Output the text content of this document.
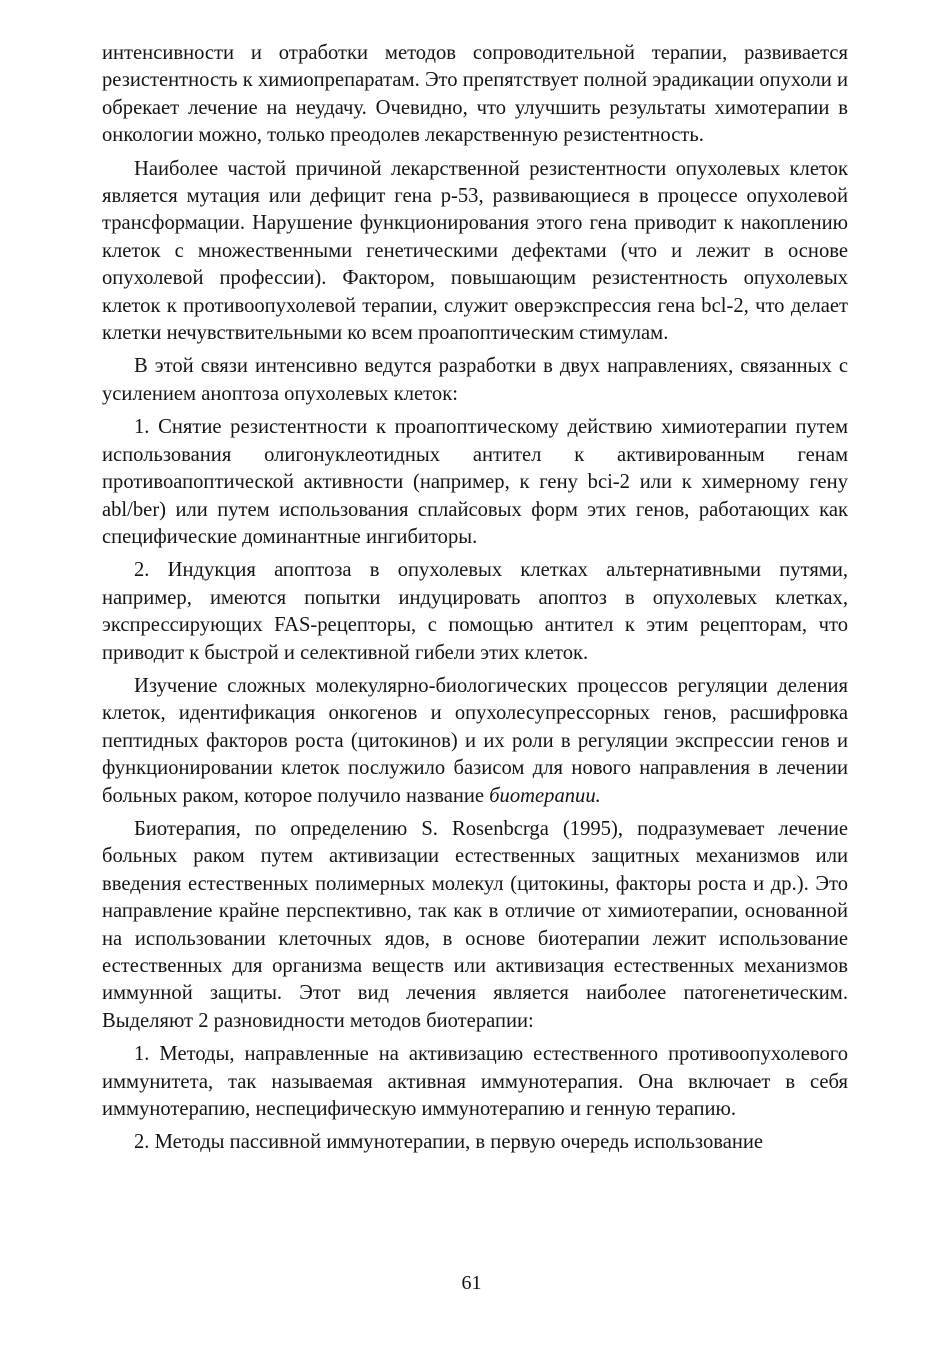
интенсивности и отработки методов сопроводительной терапии, развивается резистентность к химиопрепаратам. Это препятствует полной эрадикации опухоли и обрекает лечение на неудачу. Очевидно, что улучшить результаты химотерапии в онкологии можно, только преодолев лекарственную резистентность.

Наиболее частой причиной лекарственной резистентности опухолевых клеток является мутация или дефицит гена р-53, развивающиеся в процессе опухолевой трансформации. Нарушение функционирования этого гена приводит к накоплению клеток с множественными генетическими дефектами (что и лежит в основе опухолевой профессии). Фактором, повышающим резистентность опухолевых клеток к противоопухолевой терапии, служит оверэкспрессия гена bcl-2, что делает клетки нечувствительными ко всем проапоптическим стимулам.

В этой связи интенсивно ведутся разработки в двух направлениях, связанных с усилением аноптоза опухолевых клеток:

1. Снятие резистентности к проапоптическому действию химиотерапии путем использования олигонуклеотидных антител к активированным генам противоапоптической активности (например, к гену bci-2 или к химерному гену abl/ber) или путем использования сплайсовых форм этих генов, работающих как специфические доминантные ингибиторы.

2. Индукция апоптоза в опухолевых клетках альтернативными путями, например, имеются попытки индуцировать апоптоз в опухолевых клетках, экспрессирующих FAS-рецепторы, с помощью антител к этим рецепторам, что приводит к быстрой и селективной гибели этих клеток.

Изучение сложных молекулярно-биологических процессов регуляции деления клеток, идентификация онкогенов и опухолесупрессорных генов, расшифровка пептидных факторов роста (цитокинов) и их роли в регуляции экспрессии генов и функционировании клеток послужило базисом для нового направления в лечении больных раком, которое получило название биотерапии.

Биотерапия, по определению S. Rosenbcrga (1995), подразумевает лечение больных раком путем активизации естественных защитных механизмов или введения естественных полимерных молекул (цитокины, факторы роста и др.). Это направление крайне перспективно, так как в отличие от химиотерапии, основанной на использовании клеточных ядов, в основе биотерапии лежит использование естественных для организма веществ или активизация естественных механизмов иммунной защиты. Этот вид лечения является наиболее патогенетическим. Выделяют 2 разновидности методов биотерапии:

1. Методы, направленные на активизацию естественного противоопухолевого иммунитета, так называемая активная иммунотерапия. Она включает в себя иммунотерапию, неспецифическую иммунотерапию и генную терапию.

2. Методы пассивной иммунотерапии, в первую очередь использование

61
